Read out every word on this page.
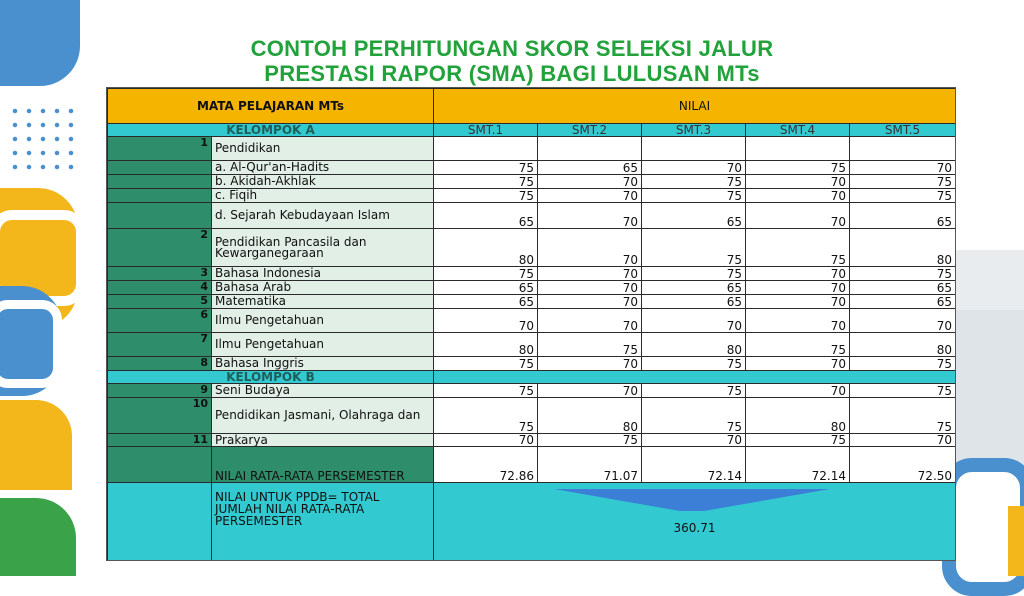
CONTOH PERHITUNGAN SKOR SELEKSI JALUR
PRESTASI RAPOR (SMA) BAGI LULUSAN MTs
MATA PELAJARAN MTs		NILAI				
KELOMPOK A		SMT.1	SMT.2	SMT.3	SMT.4	SMT.5
1	Pendidikan					
	a. Al-Qur'an-Hadits	75	65	70	75	70
	b. Akidah-Akhlak	75	70	75	70	75
	c. Fiqih	75	70	75	70	75
	d. Sejarah Kebudayaan Islam	65	70	65	70	65
2	Pendidikan Pancasila dan Kewarganegaraan	80	70	75	75	80
3	Bahasa Indonesia	75	70	75	70	75
4	Bahasa Arab	65	70	65	70	65
5	Matematika	65	70	65	70	65
6	Ilmu Pengetahuan	70	70	70	70	70
7	Ilmu Pengetahuan	80	75	80	75	80
8	Bahasa Inggris	75	70	75	70	75
KELOMPOK B						
9	Seni Budaya	75	70	75	70	75
10	Pendidikan Jasmani, Olahraga dan	75	80	75	80	75
11	Prakarya	70	75	70	75	70
	NILAI RATA-RATA PERSEMESTER	72.86	71.07	72.14	72.14	72.50
	NILAI UNTUK PPDB= TOTAL JUMLAH NILAI RATA-RATA PERSEMESTER	360.71				
